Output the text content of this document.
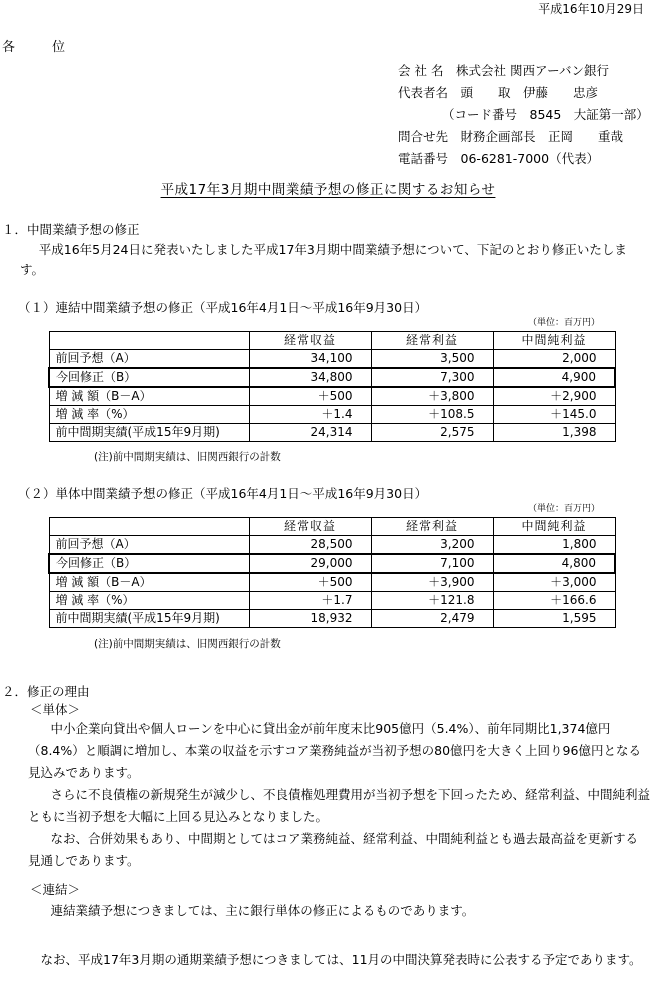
平成16年10月29日
各	位
会 社 名　 株式会社 関西アーバン銀行
代表者名　 頭　　取　伊藤　　忠彦
（コード番号　8545　大証第一部）
問合せ先　 財務企画部長　正岡　　重哉
電話番号　 06-6281-7000（代表）
平成17年3月期中間業績予想の修正に関するお知らせ
１．中間業績予想の修正
平成16年5月24日に発表いたしました平成17年3月期中間業績予想について、下記のとおり修正いたします。
（１）連結中間業績予想の修正（平成16年4月1日～平成16年9月30日）
（単位：百万円）
	経常収益	経常利益	中間純利益
前回予想（A）	34,100	3,500	2,000
今回修正（B）	34,800	7,300	4,900
増 減 額（B－A）	＋500	＋3,800	＋2,900
増 減 率（%）	＋1.4	＋108.5	＋145.0
前中間期実績(平成15年9月期)	24,314	2,575	1,398
(注)前中間期実績は、旧関西銀行の計数
（２）単体中間業績予想の修正（平成16年4月1日～平成16年9月30日）
（単位：百万円）
	経常収益	経常利益	中間純利益
前回予想（A）	28,500	3,200	1,800
今回修正（B）	29,000	7,100	4,800
増 減 額（B－A）	＋500	＋3,900	＋3,000
増 減 率（%）	＋1.7	＋121.8	＋166.6
前中間期実績(平成15年9月期)	18,932	2,479	1,595
(注)前中間期実績は、旧関西銀行の計数
２．修正の理由
＜単体＞

中小企業向貸出や個人ローンを中心に貸出金が前年度末比905億円（5.4%）、前年同期比1,374億円（8.4%）と順調に増加し、本業の収益を示すコア業務純益が当初予想の80億円を大きく上回り96億円となる見込みであります。

さらに不良債権の新規発生が減少し、不良債権処理費用が当初予想を下回ったため、経常利益、中間純利益ともに当初予想を大幅に上回る見込みとなりました。

なお、合併効果もあり、中間期としてはコア業務純益、経常利益、中間純利益とも過去最高益を更新する見通しであります。

＜連結＞

連結業績予想につきましては、主に銀行単体の修正によるものであります。

なお、平成17年3月期の通期業績予想につきましては、11月の中間決算発表時に公表する予定であります。
